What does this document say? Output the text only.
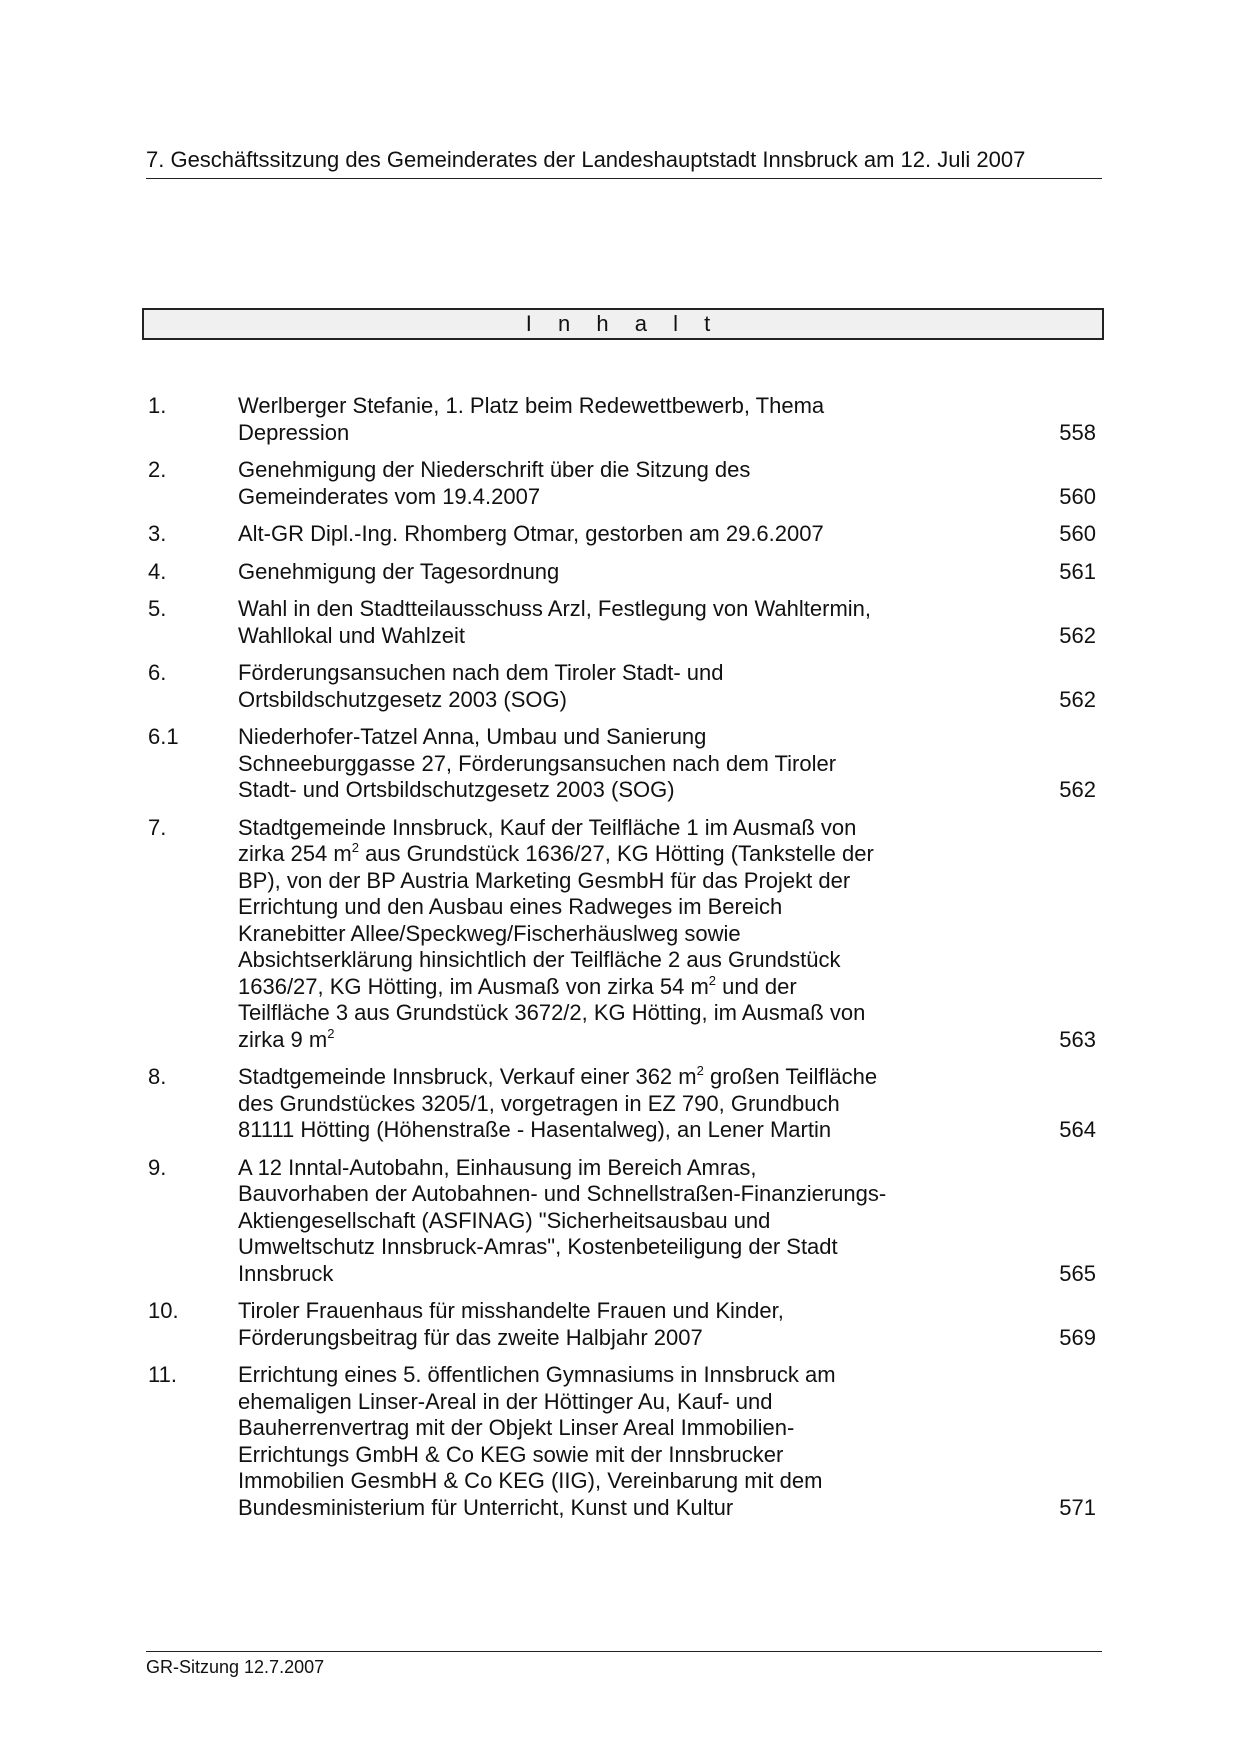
7. Geschäftssitzung des Gemeinderates der Landeshauptstadt Innsbruck am 12. Juli 2007
I n h a l t
1.	Werlberger Stefanie, 1. Platz beim Redewettbewerb, Thema
Depression	558
2.	Genehmigung der Niederschrift über die Sitzung des
Gemeinderates vom 19.4.2007	560
3.	Alt-GR Dipl.-Ing. Rhomberg Otmar, gestorben am 29.6.2007	560
4.	Genehmigung der Tagesordnung	561
5.	Wahl in den Stadtteilausschuss Arzl, Festlegung von Wahltermin,
Wahllokal und Wahlzeit	562
6.	Förderungsansuchen nach dem Tiroler Stadt- und
Ortsbildschutzgesetz 2003 (SOG)	562
6.1	Niederhofer-Tatzel Anna, Umbau und Sanierung
Schneeburggasse 27, Förderungsansuchen nach dem Tiroler
Stadt- und Ortsbildschutzgesetz 2003 (SOG)	562
7.	Stadtgemeinde Innsbruck, Kauf der Teilfläche 1 im Ausmaß von
zirka 254 $m^2$ aus Grundstück 1636/27, KG Hötting (Tankstelle der
BP), von der BP Austria Marketing GesmbH für das Projekt der
Errichtung und den Ausbau eines Radweges im Bereich
Kranebitter Allee/Speckweg/Fischerhäuslweg sowie
Absichtserklärung hinsichtlich der Teilfläche 2 aus Grundstück
1636/27, KG Hötting, im Ausmaß von zirka 54 $m^2$ und der
Teilfläche 3 aus Grundstück 3672/2, KG Hötting, im Ausmaß von
zirka 9 $m^2$	563
8.	Stadtgemeinde Innsbruck, Verkauf einer 362 $m^2$ großen Teilfläche
des Grundstückes 3205/1, vorgetragen in EZ 790, Grundbuch
81111 Hötting (Höhenstraße - Hasentalweg), an Lener Martin	564
9.	A 12 Inntal-Autobahn, Einhausung im Bereich Amras,
Bauvorhaben der Autobahnen- und Schnellstraßen-Finanzierungs-
Aktiengesellschaft (ASFINAG) "Sicherheitsausbau und
Umweltschutz Innsbruck-Amras", Kostenbeteiligung der Stadt
Innsbruck	565
10.	Tiroler Frauenhaus für misshandelte Frauen und Kinder,
Förderungsbeitrag für das zweite Halbjahr 2007	569
11.	Errichtung eines 5. öffentlichen Gymnasiums in Innsbruck am
ehemaligen Linser-Areal in der Höttinger Au, Kauf- und
Bauherrenvertrag mit der Objekt Linser Areal Immobilien-
Errichtungs GmbH & Co KEG sowie mit der Innsbrucker
Immobilien GesmbH & Co KEG (IIG), Vereinbarung mit dem
Bundesministerium für Unterricht, Kunst und Kultur	571
GR-Sitzung 12.7.2007
